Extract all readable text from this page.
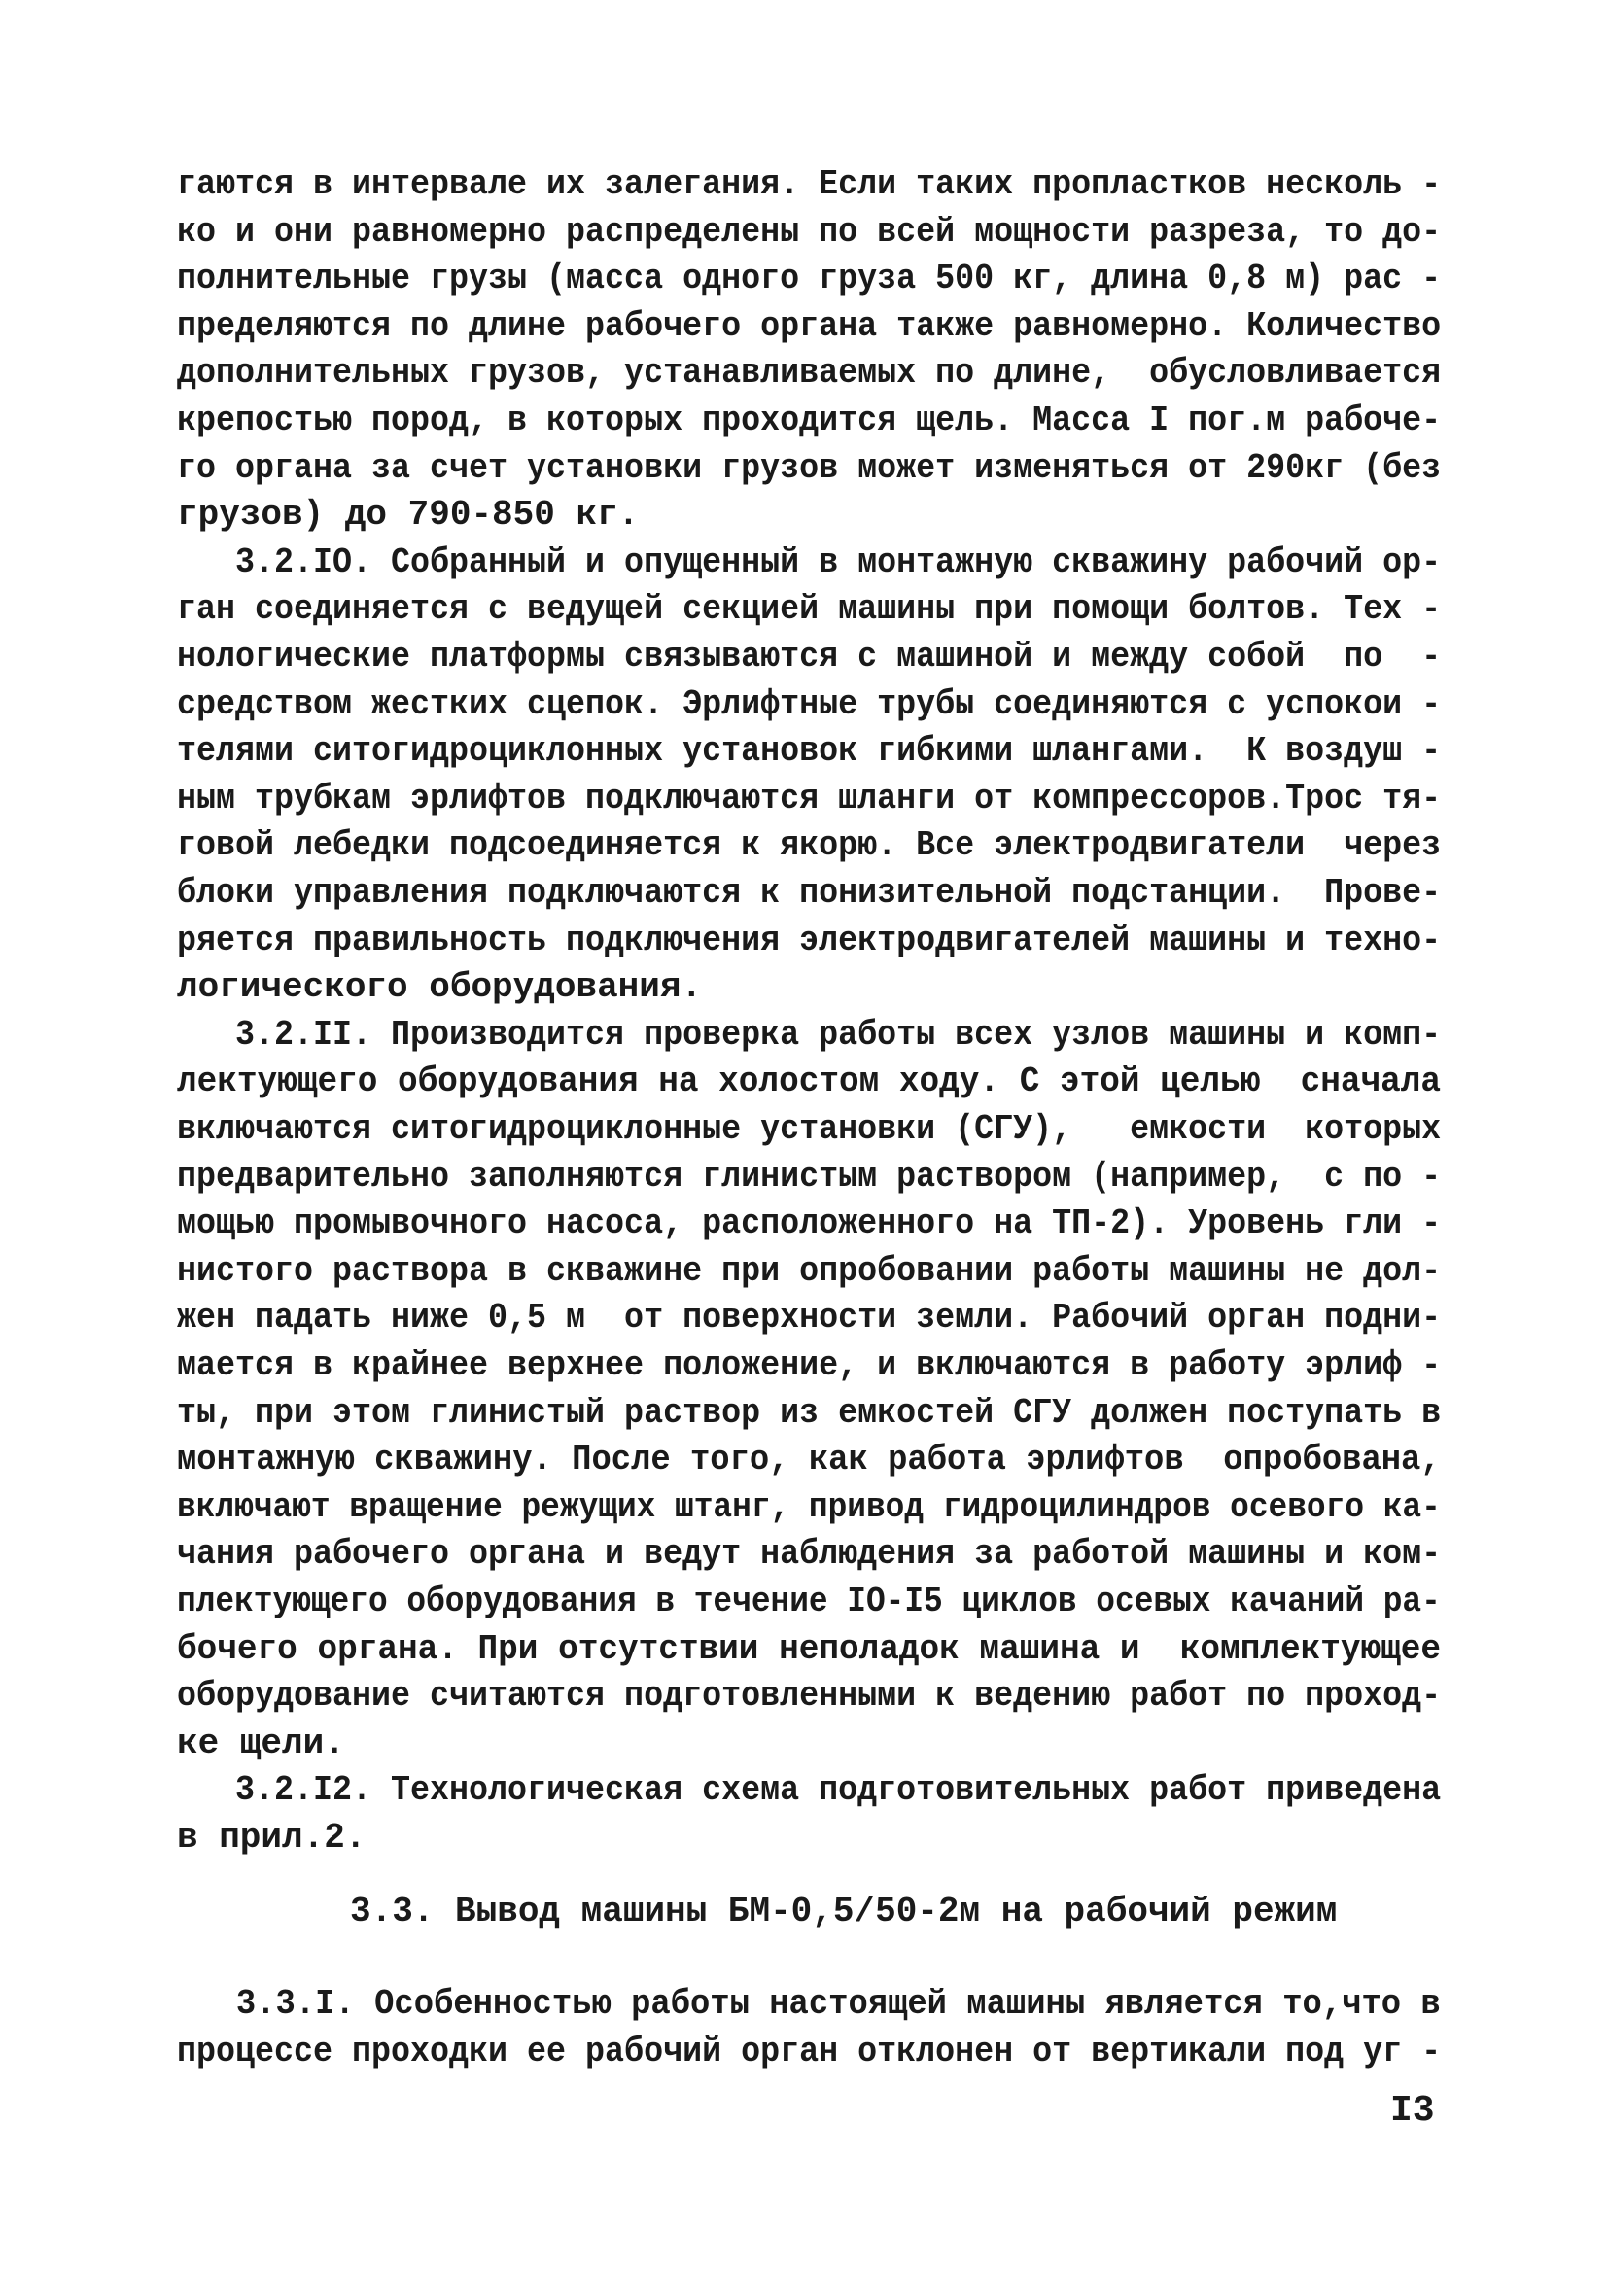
гаются в интервале их залегания. Если таких пропластков несколь -
ко и они равномерно распределены по всей мощности разреза, то до-
полнительные грузы (масса одного груза 500 кг, длина 0,8 м) рас -
пределяются по длине рабочего органа также равномерно. Количество
дополнительных грузов, устанавливаемых по длине,  обусловливается
крепостью пород, в которых проходится щель. Масса I пог.м рабоче-
го органа за счет установки грузов может изменяться от 290кг (без
грузов) до 790-850 кг.
3.2.IO. Собранный и опущенный в монтажную скважину рабочий ор-
ган соединяется с ведущей секцией машины при помощи болтов. Тех -
нологические платформы связываются с машиной и между собой  по  -
средством жестких сцепок. Эрлифтные трубы соединяются с успокои -
телями ситогидроциклонных установок гибкими шлангами.  К воздуш -
ным трубкам эрлифтов подключаются шланги от компрессоров.Трос тя-
говой лебедки подсоединяется к якорю. Все электродвигатели  через
блоки управления подключаются к понизительной подстанции.  Прове-
ряется правильность подключения электродвигателей машины и техно-
логического оборудования.
3.2.II. Производится проверка работы всех узлов машины и комп-
лектующего оборудования на холостом ходу. С этой целью  сначала
включаются ситогидроциклонные установки (СГУ),   емкости  которых
предварительно заполняются глинистым раствором (например,  с по -
мощью промывочного насоса, расположенного на ТП-2). Уровень гли -
нистого раствора в скважине при опробовании работы машины не дол-
жен падать ниже 0,5 м  от поверхности земли. Рабочий орган подни-
мается в крайнее верхнее положение, и включаются в работу эрлиф -
ты, при этом глинистый раствор из емкостей СГУ должен поступать в
монтажную скважину. После того, как работа эрлифтов  опробована,
включают вращение режущих штанг, привод гидроцилиндров осевого ка-
чания рабочего органа и ведут наблюдения за работой машины и ком-
плектующего оборудования в течение IO-I5 циклов осевых качаний ра-
бочего органа. При отсутствии неполадок машина и  комплектующее
оборудование считаются подготовленными к ведению работ по проход-
ке щели.
3.2.I2. Технологическая схема подготовительных работ приведена
в прил.2.
3.3. Вывод машины БМ-0,5/50-2м на рабочий режим
3.3.I. Особенностью работы настоящей машины является то,что в
процессе проходки ее рабочий орган отклонен от вертикали под уг -
I3
